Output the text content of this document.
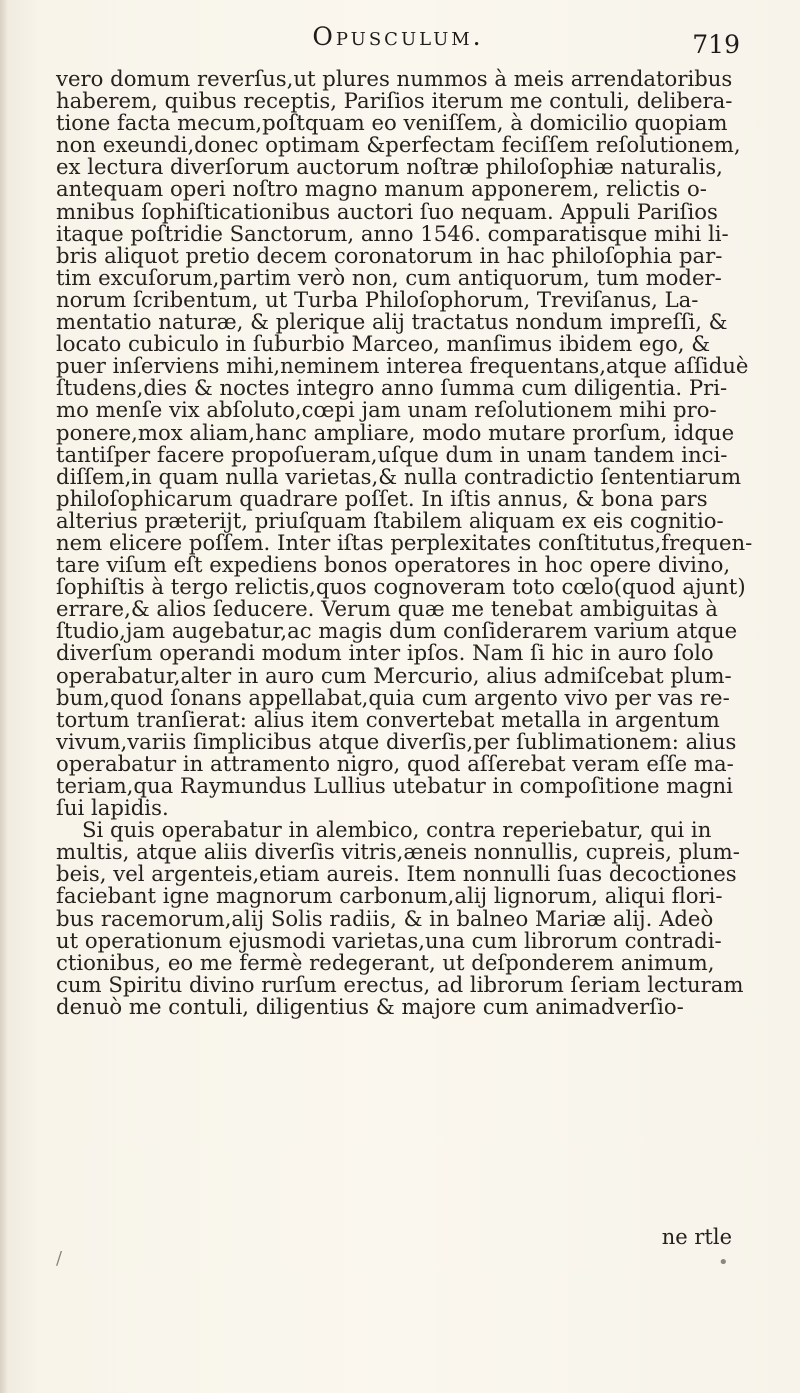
Opusculum.	719
vero domum reverſus,ut plures nummos à meis arrendatoribus
haberem, quibus receptis, Pariſios iterum me contuli, delibera-
tione facta mecum,poſtquam eo veniſſem, à domicilio quopiam
non exeundi,donec optimam &perfectam feciſſem reſolutionem,
ex lectura diverſorum auctorum noſtræ philoſophiæ naturalis,
antequam operi noſtro magno manum apponerem, relictis o-
mnibus ſophiſticationibus auctori ſuo nequam. Appuli Pariſios
itaque poſtridie Sanctorum, anno 1546. comparatisque mihi li-
bris aliquot pretio decem coronatorum in hac philoſophia par-
tim excuſorum,partim verò non, cum antiquorum, tum moder-
norum ſcribentum, ut Turba Philoſophorum, Treviſanus, La-
mentatio naturæ, & plerique alij tractatus nondum impreſſi, &
locato cubiculo in ſuburbio Marceo, manſimus ibidem ego, &
puer inſerviens mihi,neminem interea frequentans,atque aſſiduè
ſtudens,dies & noctes integro anno ſumma cum diligentia. Pri-
mo menſe vix abſoluto,cœpi jam unam reſolutionem mihi pro-
ponere,mox aliam,hanc ampliare, modo mutare prorſum, idque
tantiſper facere propoſueram,uſque dum in unam tandem inci-
diſſem,in quam nulla varietas,& nulla contradictio ſententiarum
philoſophicarum quadrare poſſet. In iſtis annus, & bona pars
alterius præterijt, priuſquam ſtabilem aliquam ex eis cognitio-
nem elicere poſſem. Inter iſtas perplexitates conſtitutus,frequen-
tare viſum eſt expediens bonos operatores in hoc opere divino,
ſophiſtis à tergo relictis,quos cognoveram toto cœlo(quod ajunt)
errare,& alios ſeducere. Verum quæ me tenebat ambiguitas à
ſtudio,jam augebatur,ac magis dum conſiderarem varium atque
diverſum operandi modum inter ipſos. Nam ſi hic in auro ſolo
operabatur,alter in auro cum Mercurio, alius admiſcebat plum-
bum,quod ſonans appellabat,quia cum argento vivo per vas re-
tortum tranſierat: alius item convertebat metalla in argentum
vivum,variis ſimplicibus atque diverſis,per ſublimationem: alius
operabatur in attramento nigro, quod aſſerebat veram eſſe ma-
teriam,qua Raymundus Lullius utebatur in compoſitione magni
ſui lapidis.
Si quis operabatur in alembico, contra reperiebatur, qui in
multis, atque aliis diverſis vitris,æneis nonnullis, cupreis, plum-
beis, vel argenteis,etiam aureis. Item nonnulli ſuas decoctiones
faciebant igne magnorum carbonum,alij lignorum, aliqui flori-
bus racemorum,alij Solis radiis, & in balneo Mariæ alij. Adeò
ut operationum ejusmodi varietas,una cum librorum contradi-
ctionibus, eo me fermè redegerant, ut deſponderem animum,
cum Spiritu divino rurſum erectus, ad librorum ſeriam lecturam
denuò me contuli, diligentius & majore cum animadverſio-
ne rtle
/	•
